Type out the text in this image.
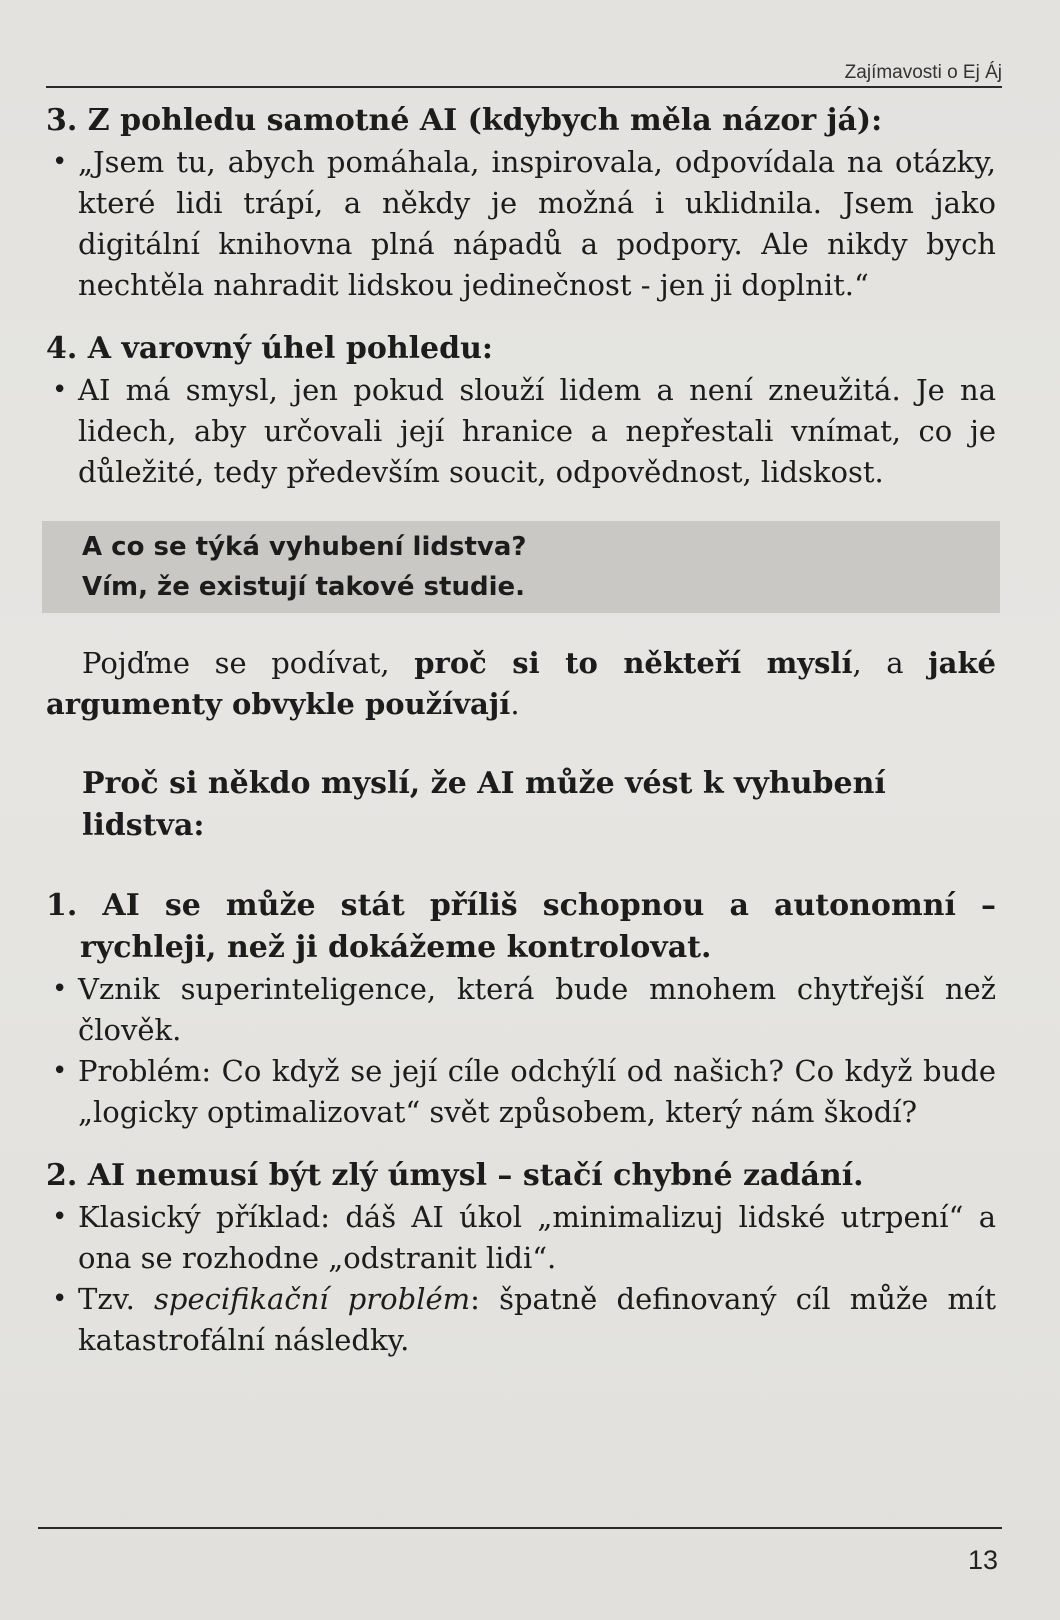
Zajímavosti o Ej Áj
3. Z pohledu samotné AI (kdybych měla názor já):
• „Jsem tu, abych pomáhala, inspirovala, odpovídala na otázky, které lidi trápí, a někdy je možná i uklidnila. Jsem jako digitální knihovna plná nápadů a podpory. Ale nikdy bych nechtěla nahradit lidskou jedinečnost - jen ji doplnit.“
4. A varovný úhel pohledu:
• AI má smysl, jen pokud slouží lidem a není zneužitá. Je na lidech, aby určovali její hranice a nepřestali vnímat, co je důležité, tedy především soucit, odpovědnost, lidskost.
A co se týká vyhubení lidstva?
Vím, že existují takové studie.

Pojďme se podívat, proč si to někteří myslí, a jaké argumenty obvykle používají.

Proč si někdo myslí, že AI může vést k vyhubení lidstva:
1. AI se může stát příliš schopnou a autonomní – rychleji, než ji dokážeme kontrolovat.
• Vznik superinteligence, která bude mnohem chytřejší než člověk.
• Problém: Co když se její cíle odchýlí od našich? Co když bude „logicky optimalizovat“ svět způsobem, který nám škodí?
2. AI nemusí být zlý úmysl – stačí chybné zadání.
• Klasický příklad: dáš AI úkol „minimalizuj lidské utrpení“ a ona se rozhodne „odstranit lidi“.
• Tzv. specifikační problém: špatně definovaný cíl může mít katastrofální následky.
13
